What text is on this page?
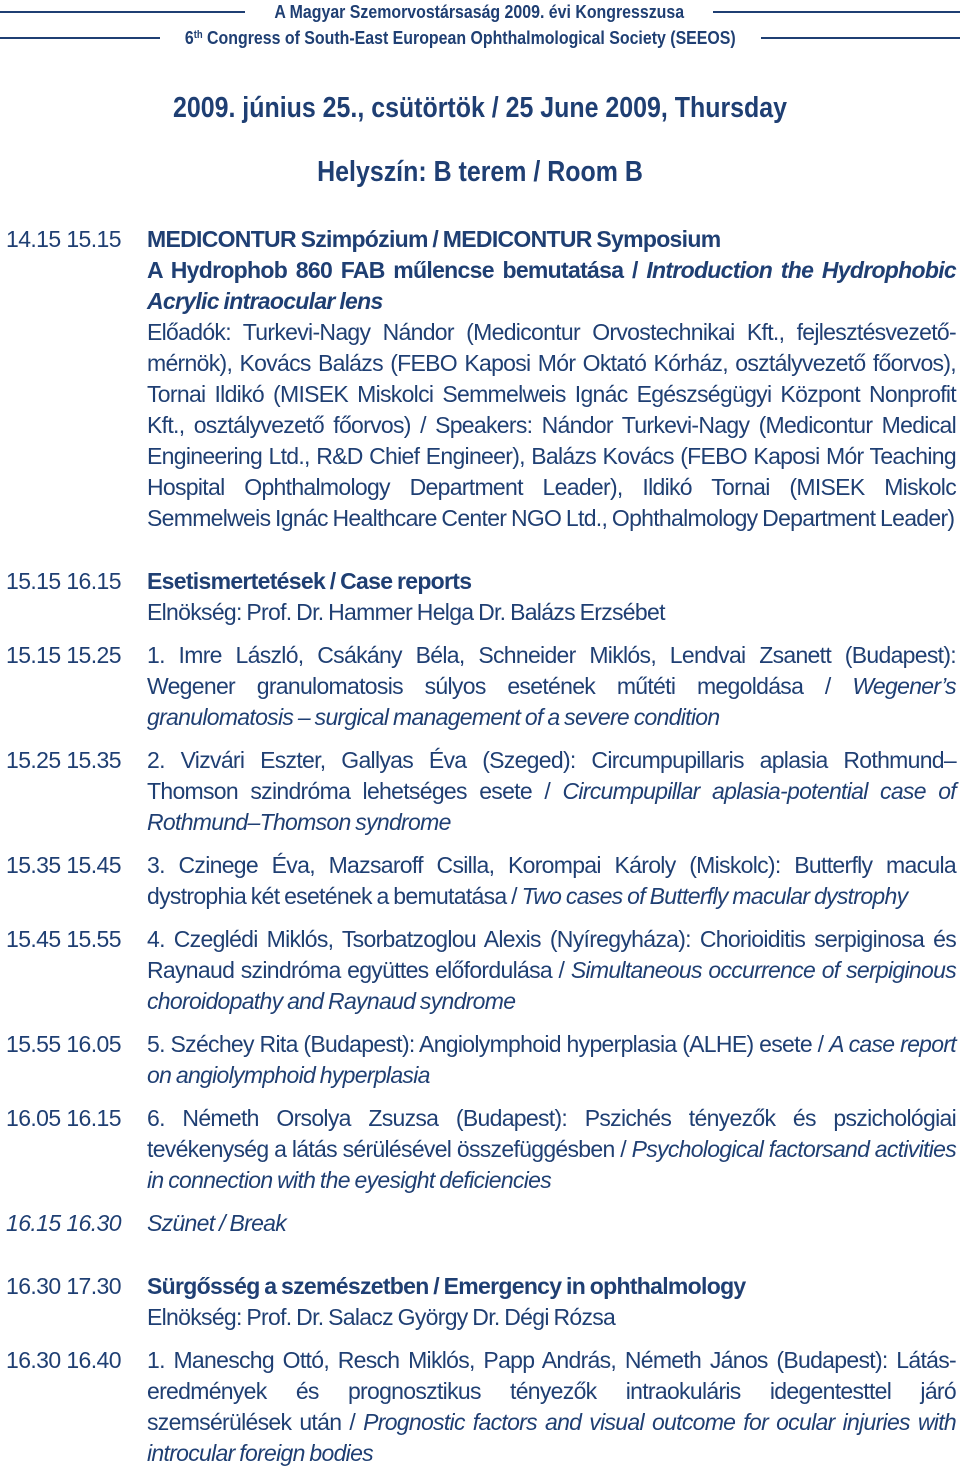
A Magyar Szemorvostársaság 2009. évi Kongresszusa
6th Congress of South-East European Ophthalmological Society (SEEOS)
2009. június 25., csütörtök / 25 June 2009, Thursday
Helyszín: B terem / Room B
14.15 15.15	MEDICONTUR Szimpózium / MEDICONTUR Symposium
A Hydrophob 860 FAB műlencse bemutatása / Introduction the Hydrophobic Acrylic intraocular lens
Előadók: Turkevi-Nagy Nándor (Medicontur Orvostechnikai Kft., fejlesztésvezető-mérnök), Kovács Balázs (FEBO Kaposi Mór Oktató Kórház, osztályvezető főorvos), Tornai Ildikó (MISEK Miskolci Semmelweis Ignác Egészségügyi Központ Nonprofit Kft., osztályvezető főorvos) / Speakers: Nándor Turkevi-Nagy (Medicontur Medical Engineering Ltd., R&D Chief Engineer), Balázs Kovács (FEBO Kaposi Mór Teaching Hospital Ophthalmology Department Leader), Ildikó Tornai (MISEK Miskolc Semmelweis Ignác Healthcare Center NGO Ltd., Ophthalmology Department Leader)
15.15 16.15	Esetismertetések / Case reports
Elnökség: Prof. Dr. Hammer Helga Dr. Balázs Erzsébet
15.15 15.25	1. Imre László, Csákány Béla, Schneider Miklós, Lendvai Zsanett (Budapest): Wegener granulomatosis súlyos esetének műtéti megoldása / Wegener’s granulomatosis – surgical management of a severe condition
15.25 15.35	2. Vizvári Eszter, Gallyas Éva (Szeged): Circumpupillaris aplasia Rothmund–Thomson szindróma lehetséges esete / Circumpupillar aplasia-potential case of Rothmund–Thomson syndrome
15.35 15.45	3. Czinege Éva, Mazsaroff Csilla, Korompai Károly (Miskolc): Butterfly macula dystrophia két esetének a bemutatása / Two cases of Butterfly macular dystrophy
15.45 15.55	4. Czeglédi Miklós, Tsorbatzoglou Alexis (Nyíregyháza): Chorioiditis serpiginosa és Raynaud szindróma együttes előfordulása / Simultaneous occurrence of serpiginous choroidopathy and Raynaud syndrome
15.55 16.05	5. Széchey Rita (Budapest): Angiolymphoid hyperplasia (ALHE) esete / A case report on angiolymphoid hyperplasia
16.05 16.15	6. Németh Orsolya Zsuzsa (Budapest): Pszichés tényezők és pszichológiai tevékenység a látás sérülésével összefüggésben / Psychological factorsand activities in connection with the eyesight deficiencies
16.15 16.30	Szünet / Break
16.30 17.30	Sürgősség a szemészetben / Emergency in ophthalmology
Elnökség: Prof. Dr. Salacz György Dr. Dégi Rózsa
16.30 16.40	1. Maneschg Ottó, Resch Miklós, Papp András, Németh János (Budapest): Látás-eredmények és prognosztikus tényezők intraokuláris idegentesttel járó szemsérülések után / Prognostic factors and visual outcome for ocular injuries with introcular foreign bodies
